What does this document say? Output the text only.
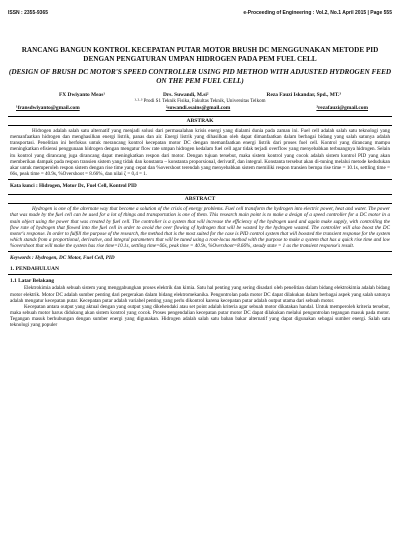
ISSN : 2355-9365	e-Proceeding of Engineering : Vol.2, No.1 April 2015 | Page 555
RANCANG BANGUN KONTROL KECEPATAN PUTAR MOTOR BRUSH DC MENGGUNAKAN METODE PID DENGAN PENGATURAN UMPAN HIDROGEN PADA PEM FUEL CELL
(DESIGN OF BRUSH DC MOTOR'S SPEED CONTROLLER USING PID METHOD WITH ADJUSTED HYDROGEN FEED ON THE PEM FUEL CELL)
FX Dwiyanto Meas¹	Drs. Suwandi, M.si²	Reza Fauzi Iskandar, Spd., MT.³
¹·²·³ Prodi S1 Teknik Fisika, Fakultas Teknik, Universitas Telkom
¹fransdwiyanto@gmail.com	²suwandi.ssains@gmail.com	³rezafauzi@gmail.com
ABSTRAK
Hidrogen adalah salah satu alternatif yang menjadi solusi dari permasalahan krisis energi yang dialami dunia pada zaman ini. Fuel cell adalah salah satu teknologi yang memanfaatkan hidrogen dan menghasilkan energi listrik, panas dan air. Energi listrik yang dihasilkan oleh dapat dimanfaatkan dalam berbagai bidang yang salah satunya adalah transportasi. Penelitian ini berfokus untuk merancang kontrol kecepatan motor DC dengan memanfaatkan energi listrik dari proses fuel cell. Kontrol yang dirancang mampu meningkatkan efisiensi penggunaan hidrogen dengan mengatur flow rate umpan hidrogen kedalam fuel cell agar tidak terjadi overflow yang menyebabkan terbuangnya hidrogen. Selain itu kontrol yang dirancang juga dirancang dapat meningkatkan respon dari motor. Dengan tujuan tersebut, maka sistem kontrol yang cocok adalah sistem kontrol PID yang akan memberikan dampak pada respon transien sistem yang tidak dan konstanta – konstanta proporsional, derivatif, dan integral. Konstanta tersebut akan di-tuning melalui metode kedudukan akar untuk memperoleh respon sistem dengan rise time yang cepat dan %overshoot terendah yang menyebabkan sistem memiliki respon transien bernpa rise time = 10.1s, settling time = 66s, peak time = 40.9s, %Overshoot = 8.66%, dan nilai ζ = 0,4 = 1.
Kata kunci : Hidrogen, Motor Dc, Fuel Cell, Kontrol PID
ABSTRACT
Hydrogen is one of the alternate way that become a solution of the crisis of energy problems. Fuel cell transform the hydrogen into electric power, heat and water. The power that was made by the fuel cell can be used for a lot of things and transportation is one of them. This research main point is to make a design of a speed controller for a DC motor in a main object using the power that was created by fuel cell. The controller is a system that will increase the efficiency of the hydrogen used and again make supply, with controlling the flow rate of hydrogen that flowed into the fuel cell in order to avoid the over flowing of hydrogen that will be wasted by the hydrogen wasted. The controller will also boost the DC motor's response. In order to fulfill the purpose of the research, the method that is the most suited for the case is PID control system that will boosted the transient response for the system which stands from a proportional, derivative, and integral parameters that will be tuned using a root-locus method with the purpose to make a system that has a quick rise time and low %overshoot that will make the system has rise time=10.1s, settling time=66s, peak time = 40.9s, %Overshoot=8.66%, steady state = 1 as the transient response's result.
Keywords : Hydrogen, DC Motor, Fuel Cell, PID
1. PENDAHULUAN
1.1 Latar Belakang

Elektrokimia adalah sebuah sistem yang menggabungkan proses elektrik dan kimia. Satu hal penting yang sering disadari oleh penelitian dalam bidang elektrokimia adalah bidang motor elektrik. Motor DC adalah sumber penting dari pergerakan dalam bidang elektromekanika. Pengontrolan pada motor DC dapat dilakukan dalam berbagai aspek yang salah satunya adalah mengatur kecepatan putar. Kecepatan putar adalah variabel penting yang perlu dikontrol karena kecepatan putar adalah output utama dari sebuah motor.

Kecepatan antara output yang aktual dengan yang output yang dikehendaki atau set point adalah kriteria agar sebuah motor dikatakan handal. Untuk memperoleh kriteria tersebut, maka sebuah motor harus didukung akan sistem kontrol yang cocok. Proses pengendalian kecepatan putar motor DC dapat dilakukan melalui pengontrolan tegangan masuk pada motor. Tegangan masuk berhubungan dengan sumber energi yang digunakan. Hidrogen adalah salah satu bahan bakar alternatif yang dapat digunakan sebagai sumber energi. Salah satu teknologi yang populer
